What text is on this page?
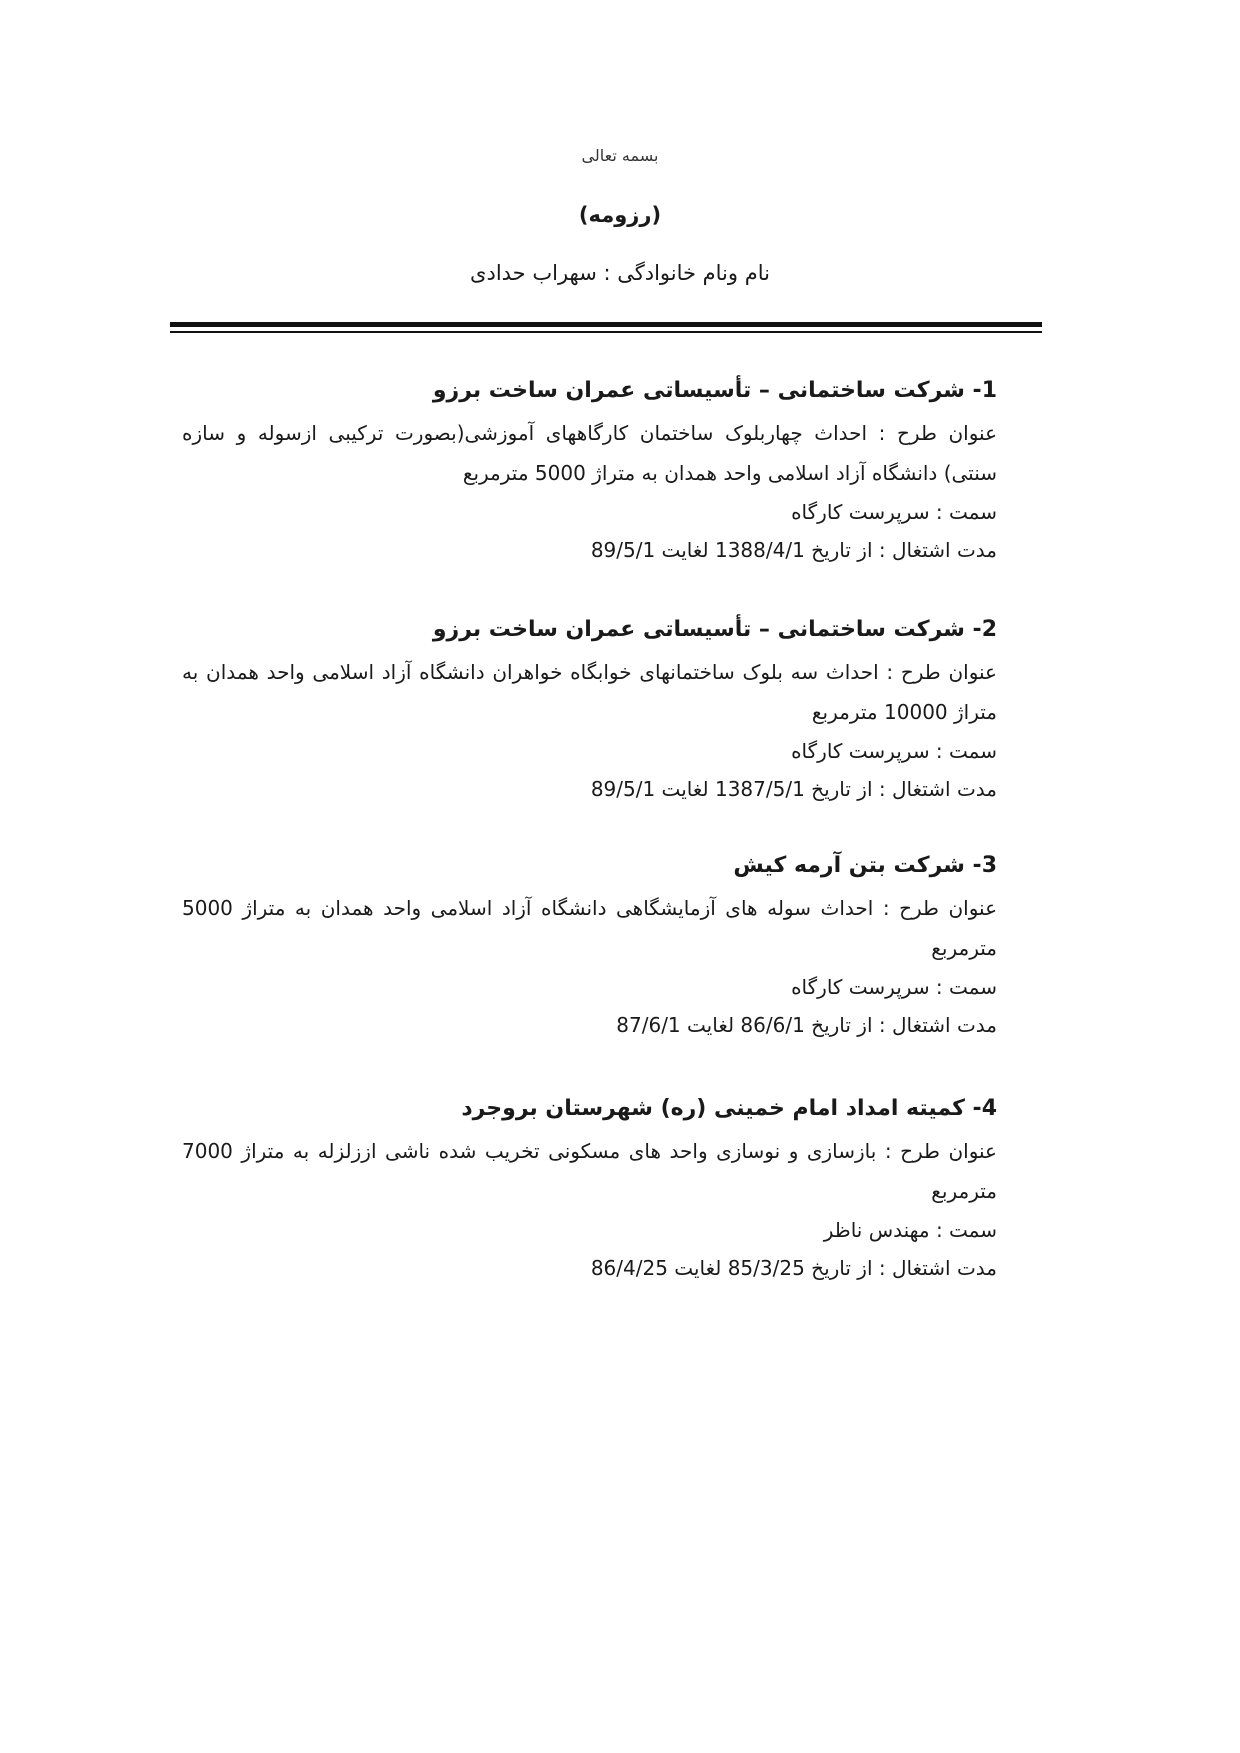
بسمه تعالی
(رزومه)
نام ونام خانوادگی : سهراب حدادی
1- شرکت ساختمانی – تأسیساتی عمران ساخت برزو
عنوان طرح : احداث چهاربلوک ساختمان کارگاههای آموزشی(بصورت ترکیبی ازسوله و سازه سنتی) دانشگاه آزاد اسلامی واحد همدان به متراژ 5000 مترمربع
سمت : سرپرست کارگاه
مدت اشتغال : از تاریخ 1388/4/1 لغایت 89/5/1
2- شرکت ساختمانی – تأسیساتی عمران ساخت برزو
عنوان طرح : احداث سه بلوک ساختمانهای خوابگاه خواهران دانشگاه آزاد اسلامی واحد همدان به متراژ 10000 مترمربع
سمت : سرپرست کارگاه
مدت اشتغال : از تاریخ 1387/5/1 لغایت 89/5/1
3- شرکت بتن آرمه کیش
عنوان طرح : احداث سوله های آزمایشگاهی دانشگاه آزاد اسلامی واحد همدان به متراژ 5000 مترمربع
سمت : سرپرست کارگاه
مدت اشتغال : از تاریخ 86/6/1 لغایت 87/6/1
4- کمیته امداد امام خمینی (ره) شهرستان بروجرد
عنوان طرح : بازسازی و نوسازی واحد های مسکونی تخریب شده ناشی اززلزله به متراژ 7000 مترمربع
سمت : مهندس ناظر
مدت اشتغال : از تاریخ 85/3/25 لغایت 86/4/25
